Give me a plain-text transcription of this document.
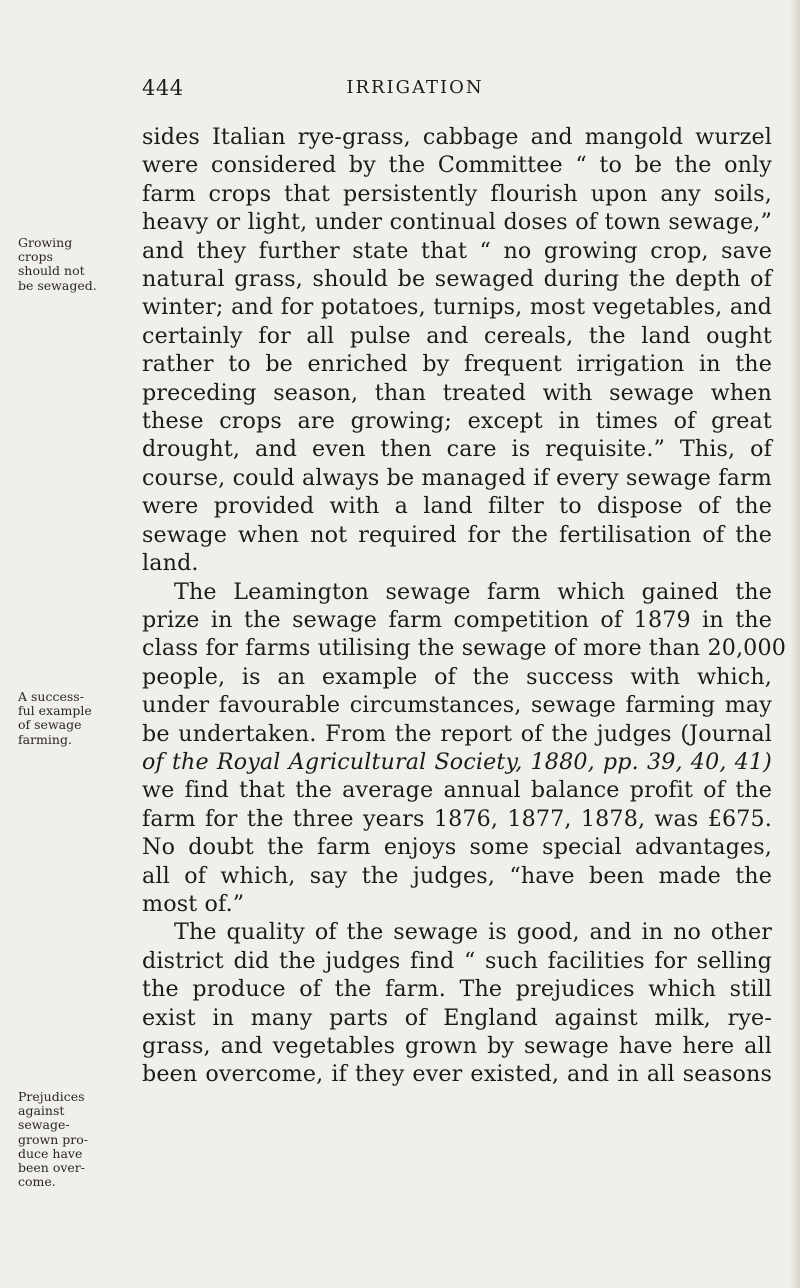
444	IRRIGATION
sides Italian rye-grass, cabbage and mangold wurzel
were considered by the Committee “ to be the only
farm crops that persistently flourish upon any soils,
heavy or light, under continual doses of town sewage,”
and they further state that “ no growing crop, save
natural grass, should be sewaged during the depth of
winter; and for potatoes, turnips, most vegetables, and
certainly for all pulse and cereals, the land ought
rather to be enriched by frequent irrigation in the
preceding season, than treated with sewage when
these crops are growing; except in times of great
drought, and even then care is requisite.” This, of
course, could always be managed if every sewage farm
were provided with a land filter to dispose of the
sewage when not required for the fertilisation of the
land.
The Leamington sewage farm which gained the
prize in the sewage farm competition of 1879 in the
class for farms utilising the sewage of more than 20,000
people, is an example of the success with which,
under favourable circumstances, sewage farming may
be undertaken. From the report of the judges (Journal
of the Royal Agricultural Society, 1880, pp. 39, 40, 41)
we find that the average annual balance profit of the
farm for the three years 1876, 1877, 1878, was £675.
No doubt the farm enjoys some special advantages,
all of which, say the judges, “have been made the
most of.”
The quality of the sewage is good, and in no other
district did the judges find “ such facilities for selling
the produce of the farm. The prejudices which still
exist in many parts of England against milk, rye-
grass, and vegetables grown by sewage have here all
been overcome, if they ever existed, and in all seasons
Growing
crops
should not
be sewaged.
A success-
ful example
of sewage
farming.
Prejudices
against
sewage-
grown pro-
duce have
been over-
come.
